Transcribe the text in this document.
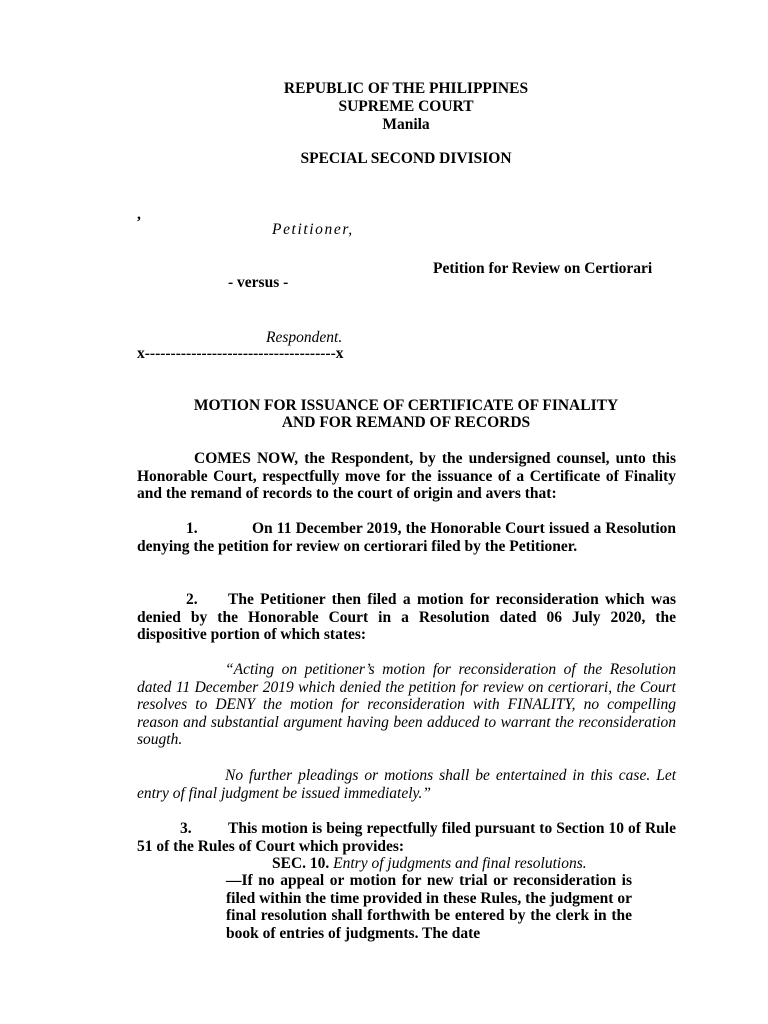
REPUBLIC OF THE PHILIPPINES
SUPREME COURT
Manila
SPECIAL SECOND DIVISION
,
Petitioner,
Petition for Review on Certiorari
- versus -
Respondent.
x-------------------------------------x
MOTION FOR ISSUANCE OF CERTIFICATE OF FINALITY
AND FOR REMAND OF RECORDS
COMES NOW, the Respondent, by the undersigned counsel, unto this Honorable Court, respectfully move for the issuance of a Certificate of Finality and the remand of records to the court of origin and avers that:
1.	On 11 December 2019, the Honorable Court issued a Resolution denying the petition for review on certiorari filed by the Petitioner.
2.	The Petitioner then filed a motion for reconsideration which was denied by the Honorable Court in a Resolution dated 06 July 2020, the dispositive portion of which states:
“Acting on petitioner’s motion for reconsideration of the Resolution dated 11 December 2019 which denied the petition for review on certiorari, the Court resolves to DENY the motion for reconsideration with FINALITY, no compelling reason and substantial argument having been adduced to warrant the reconsideration sougth.
No further pleadings or motions shall be entertained in this case. Let entry of final judgment be issued immediately.”
3.	This motion is being repectfully filed pursuant to Section 10 of Rule 51 of the Rules of Court which provides:
SEC. 10. Entry of judgments and final resolutions.
—If no appeal or motion for new trial or reconsideration is filed within the time provided in these Rules, the judgment or final resolution shall forthwith be entered by the clerk in the book of entries of judgments. The date
